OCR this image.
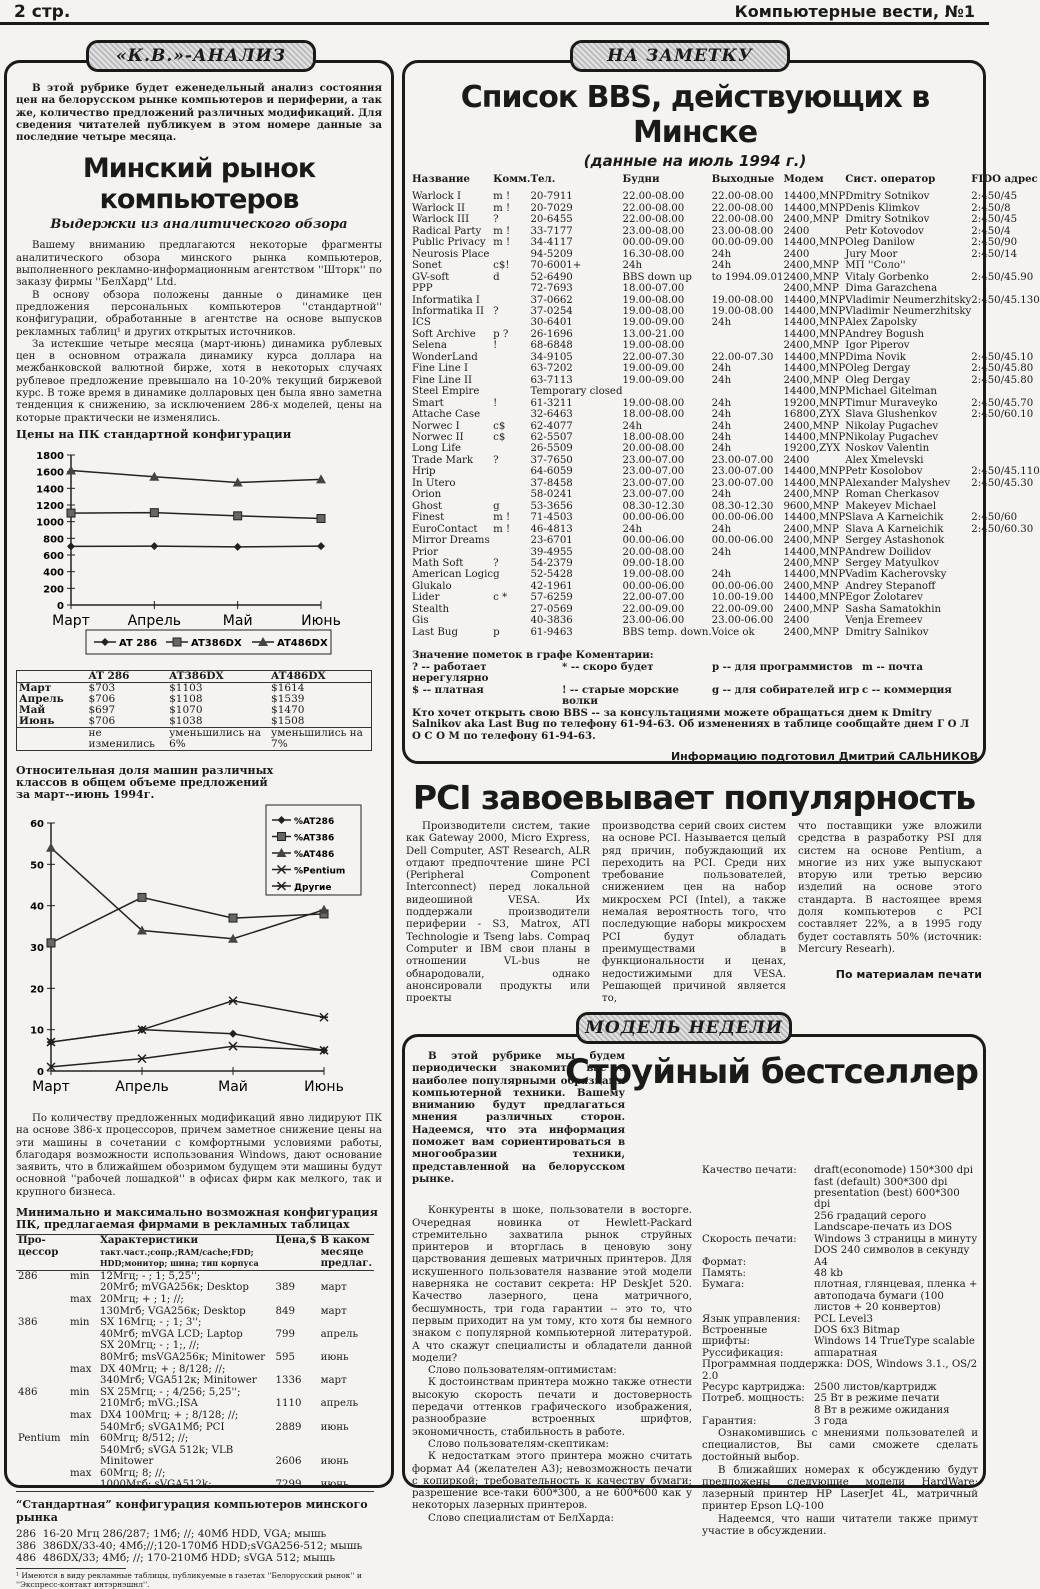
2 стр.	Компьютерные вести, №1
«К.В.»-АНАЛИЗ

В этой рубрике будет еженедельный анализ состояния цен на белорусском рынке компьютеров и периферии, а так же, количество предложений различных модификаций. Для сведения читателей публикуем в этом номере данные за последние четыре месяца.

Минский рынок компьютеров
Выдержки из аналитического обзора

Вашему вниманию предлагаются некоторые фрагменты аналитического обзора минского рынка компьютеров, выполненного рекламно-информационным агентством ''Шторк'' по заказу фирмы ''БелХард'' Ltd.

В основу обзора положены данные о динамике цен предложения персональных компьютеров ''стандартной'' конфигурации, обработанные в агентстве на основе выпусков рекламных таблиц¹ и других открытых источников.

За истекшие четыре месяца (март-июнь) динамика рублевых цен в основном отражала динамику курса доллара на межбанковской валютной бирже, хотя в некоторых случаях рублевое предложение превышало на 10-20% текущий биржевой курс. В тоже время в динамике долларовых цен была явно заметна тенденция к снижению, за исключением 286-х моделей, цены на которые практически не изменялись.

Цены на ПК стандартной конфигурации
0
200
400
600
800
1000
1200
1400
1600
1800
Март	Апрель	Май	Июнь
AT 286	AT386DX	AT486DX
	AT 286	AT386DX	AT486DX
Март	$703	$1103	$1614
Апрель	$706	$1108	$1539
Май	$697	$1070	$1470
Июнь	$706	$1038	$1508
	не изменились	уменьшились на 6%	уменьшились на 7%
Относительная доля машин различных классов в общем объеме предложений за март--июнь 1994г.
0
10
20
30
40
50
60
Март	Апрель	Май	Июнь
%AT286
%AT386
%AT486
%Pentium
Другие

По количеству предложенных модификаций явно лидируют ПК на основе 386-х процессоров, причем заметное снижение цены на эти машины в сочетании с комфортными условиями работы, благодаря возможности использования Windows, дают основание заявить, что в ближайшем обозримом будущем эти машины будут основной ''рабочей лошадкой'' в офисах фирм как мелкого, так и крупного бизнеса.

Минимально и максимально возможная конфигурация ПК, предлагаемая фирмами в рекламных таблицах
Про-цессор		Характеристики
такт.част.;сопр.;RAM/cache;FDD; HDD;монитор; шина; тип корпуса	Цена,$	В каком месяце предлаг.
286	min	12Мгц; - ; 1; 5,25'';
20Мгб; mVGA256к; Desktop	389	март
	max	20Мгц; + ; 1; //;
130Мгб; VGA256к; Desktop	849	март
386	min	SX 16Мгц; - ; 1; 3'';
40Мгб; mVGA LCD; Laptop	799	апрель

		SX 20Мгц; - ; 1;, //;
80Мгб; msVGA256к; Minitower	595	июнь
	max	DX 40Мгц; + ; 8/128; //;
340Мгб; VGA512к; Minitower	1336	март
486	min	SX 25Мгц; - ; 4/256; 5,25'';
210Мгб; mVG.;ISA	1110	апрель
	max	DX4 100Мгц; + ; 8/128; //;
540Мгб; sVGA1Мб; PCI	2889	июнь
Pentium	min	60Мгц; 8/512; //;
540Мгб; sVGA 512k; VLB Minitower	2606	июнь
	max	60Мгц; 8; //;
1000Мгб; sVGA512k;	7299	июнь
“Стандартная” конфигурация компьютеров минского рынка
286  16-20 Мгц 286/287; 1Мб; //; 40Мб HDD, VGA; мышь
386  386DX/33-40; 4Мб;//;120-170Мб HDD;sVGA256-512; мышь
486  486DX/33; 4Мб; //; 170-210Мб HDD; sVGA 512; мышь
¹ Имеются в виду рекламные таблицы, публикуемые в газетах ''Белорусский рынок'' и ''Экспресс-контакт интэрнэшнл''.
НА ЗАМЕТКУ
Список BBS, действующих в Минске
(данные на июль 1994 г.)
Название	Комм.	Тел.	Будни	Выходные	Модем	Сист. оператор	FIDO адрес
Warlock I	m !	20-7911	22.00-08.00	22.00-08.00	14400,MNP	Dmitry Sotnikov	2:450/45
Warlock II	m !	20-7029	22.00-08.00	22.00-08.00	14400,MNP	Denis Klimkov	2:450/8
Warlock III	?	20-6455	22.00-08.00	22.00-08.00	2400,MNP	Dmitry Sotnikov	2:450/45
Radical Party	m !	33-7177	23.00-08.00	23.00-08.00	2400	Petr Kotovodov	2:450/4
Public Privacy	m !	34-4117	00.00-09.00	00.00-09.00	14400,MNP	Oleg Danilow	2:450/90
Neurosis Place		94-5209	16.30-08.00	24h	2400	Jury Moor	2:450/14
Sonet	c$!	70-6001+	24h	24h	2400,MNP	МП ''Соло''	
GV-soft	d	52-6490	BBS down up	to 1994.09.01	2400,MNP	Vitaly Gorbenko	2:450/45.90
PPP		72-7693	18.00-07.00		2400,MNP	Dima Garazchena	
Informatika I		37-0662	19.00-08.00	19.00-08.00	14400,MNP	Vladimir Neumerzhitsky	2:450/45.130
Informatika II	?	37-0254	19.00-08.00	19.00-08.00	14400,MNP	Vladimir Neumerzhitsky	
ICS		30-6401	19.00-09.00	24h	14400,MNP	Alex Zapolsky	
Soft Archive	p ?	26-1696	13.00-21.00		14400,MNP	Andrey Bogush	
Selena	!	68-6848	19.00-08.00		2400,MNP	Igor Piperov	
WonderLand		34-9105	22.00-07.30	22.00-07.30	14400,MNP	Dima Novik	2:450/45.10
Fine Line I		63-7202	19.00-09.00	24h	14400,MNP	Oleg Dergay	2:450/45.80
Fine Line II		63-7113	19.00-09.00	24h	2400,MNP	Oleg Dergay	2:450/45.80
Steel Empire		Temporary closed			14400,MNP	Michael Gitelman	
Smart	!	61-3211	19.00-08.00	24h	19200,MNP	Timur Muraveyko	2:450/45.70
Attache Case		32-6463	18.00-08.00	24h	16800,ZYX	Slava Glushenkov	2:450/60.10
Norwec I	c$	62-4077	24h	24h	2400,MNP	Nikolay Pugachev	
Norwec II	c$	62-5507	18.00-08.00	24h	14400,MNP	Nikolay Pugachev	
Long Life		26-5509	20.00-08.00	24h	19200,ZYX	Noskov Valentin	
Trade Mark	?	37-7650	23.00-07.00	23.00-07.00	2400	Alex Xmelevski	
Hrip		64-6059	23.00-07.00	23.00-07.00	14400,MNP	Petr Kosolobov	2:450/45.110
In Utero		37-8458	23.00-07.00	23.00-07.00	14400,MNP	Alexander Malyshev	2:450/45.30
Orion		58-0241	23.00-07.00	24h	2400,MNP	Roman Cherkasov	
Ghost	g	53-3656	08.30-12.30	08.30-12.30	9600,MNP	Makeyev Michael	
Finest	m !	71-4503	00.00-06.00	00.00-06.00	14400,MNP	Slava A Karneichik	2:450/60
EuroContact	m !	46-4813	24h	24h	2400,MNP	Slava A Karneichik	2:450/60.30
Mirror Dreams		23-6701	00.00-06.00	00.00-06.00	2400,MNP	Sergey Astashonok	
Prior		39-4955	20.00-08.00	24h	14400,MNP	Andrew Doilidov	
Math Soft	?	54-2379	09.00-18.00		2400,MNP	Sergey Matyulkov	
American Logic	g	52-5428	19.00-08.00	24h	14400,MNP	Vadim Kacherovsky	
Glukalo		42-1961	00.00-06.00	00.00-06.00	2400,MNP	Andrey Stepanoff	
Lider	c *	57-6259	22.00-07.00	10.00-19.00	14400,MNP	Egor Zolotarev	
Stealth		27-0569	22.00-09.00	22.00-09.00	2400,MNP	Sasha Samatokhin	
Gis		40-3836	23.00-06.00	23.00-06.00	2400	Venja Eremeev	
Last Bug	p	61-9463	BBS temp. down.	Voice ok	2400,MNP	Dmitry Salnikov	
Значение пометок в графе Коментарии:
? -- работает нерегулярно
* -- скоро будет	p -- для программистов m -- почта
$ -- платная	! -- старые морские волки
g -- для собирателей игр c -- коммерция
Кто хочет открыть свою BBS -- за консультациями можете обращаться днем к Dmitry Salnikov aka Last Bug по телефону 61-94-63. Об изменениях в таблице сообщайте днем Г О Л О С О М по телефону 61-94-63.
Информацию подготовил Дмитрий САЛЬНИКОВ
PCI завоевывает популярность

Производители систем, такие как Gateway 2000, Micro Express, Dell Computer, AST Research, ALR отдают предпочтение шине PCI (Peripheral Component Interconnect) перед локальной видеошиной VESA. Их поддержали производители периферии - S3, Matrox, ATI Technologie и Tseng labs. Compaq Computer и IBM свои планы в отношении VL-bus не обнародовали, однако анонсировали продукты или проекты

производства серий своих систем на основе PCI. Называется целый ряд причин, побуждающий их переходить на PCI. Среди них требование пользователей, снижением цен на набор микросхем PCI (Intel), а также немалая вероятность того, что последующие наборы микросхем PCI будут обладать преимуществами в функциональности и ценах, недостижимыми для VESA. Решающей причиной является то,

что поставщики уже вложили средства в разработку PSI для систем на основе Pentium, а многие из них уже выпускают вторую или третью версию изделий на основе этого стандарта. В настоящее время доля компьютеров с PCI составляет 22%, а в 1995 году будет составлять 50% (источник: Mercury Researh).

По материалам печати
МОДЕЛЬ НЕДЕЛИ

В этой рубрике мы будем периодически знакомить вас с наиболее популярными образцами компьютерной техники. Вашему вниманию будут предлагаться мнения различных сторон. Надеемся, что эта информация поможет вам сориентироваться в многообразии техники, представленной на белорусском рынке.

Струйный бестселлер

Конкуренты в шоке, пользователи в восторге. Очередная новинка от Hewlett-Packard стремительно захватила рынок струйных принтеров и вторглась в ценовую зону царствования дешевых матричных принтеров. Для искушенного пользователя название этой модели наверняка не составит секрета: HP DeskJet 520. Качество лазерного, цена матричного, бесшумность, три года гарантии -- это то, что первым приходит на ум тому, кто хотя бы немного знаком с популярной компьютерной литературой. А что скажут специалисты и обладатели данной модели?

Слово пользователям-оптимистам:

К достоинствам принтера можно также отнести высокую скорость печати и достоверность передачи оттенков графического изображения, разнообразие встроенных шрифтов, экономичность, стабильность в работе.

Слово пользователям-скептикам:

К недостаткам этого принтера можно считать формат А4 (желателен А3); невозможность печати с копиркой; требовательность к качеству бумаги; разрешение все-таки 600*300, а не 600*600 как у некоторых лазерных принтеров.

Слово специалистам от БелХарда:

Качество печати:	draft(economode) 150*300 dpi
fast (default) 300*300 dpi
presentation (best) 600*300 dpi
256 градаций серого
Landscape-печать из DOS
Скорость печати:	Windows 3 страницы в минуту
DOS 240 символов в секунду
Формат:	A4
Память:	48 kb
Бумага:	плотная, глянцевая, пленка + автоподача бумаги (100 листов + 20 конвертов)
Язык управления:	PCL Level3
Встроенные шрифты:	DOS 6x3 Bitmap
Windows 14 TrueType scalable
Руссификация:	аппаратная
Программная поддержка: DOS, Windows 3.1., OS/2 2.0
Ресурс картриджа:	2500 листов/картридж
Потреб. мощность:	25 Вт в режиме печати
8 Вт в режиме ожидания
Гарантия:	3 года

Ознакомившись с мнениями пользователей и специалистов, Вы сами сможете сделать достойный выбор.

В ближайших номерах к обсуждению будут предложены следующие модели HardWare: лазерный принтер HP LaserJet 4L, матричный принтер Epson LQ-100

Надеемся, что наши читатели также примут участие в обсуждении.
